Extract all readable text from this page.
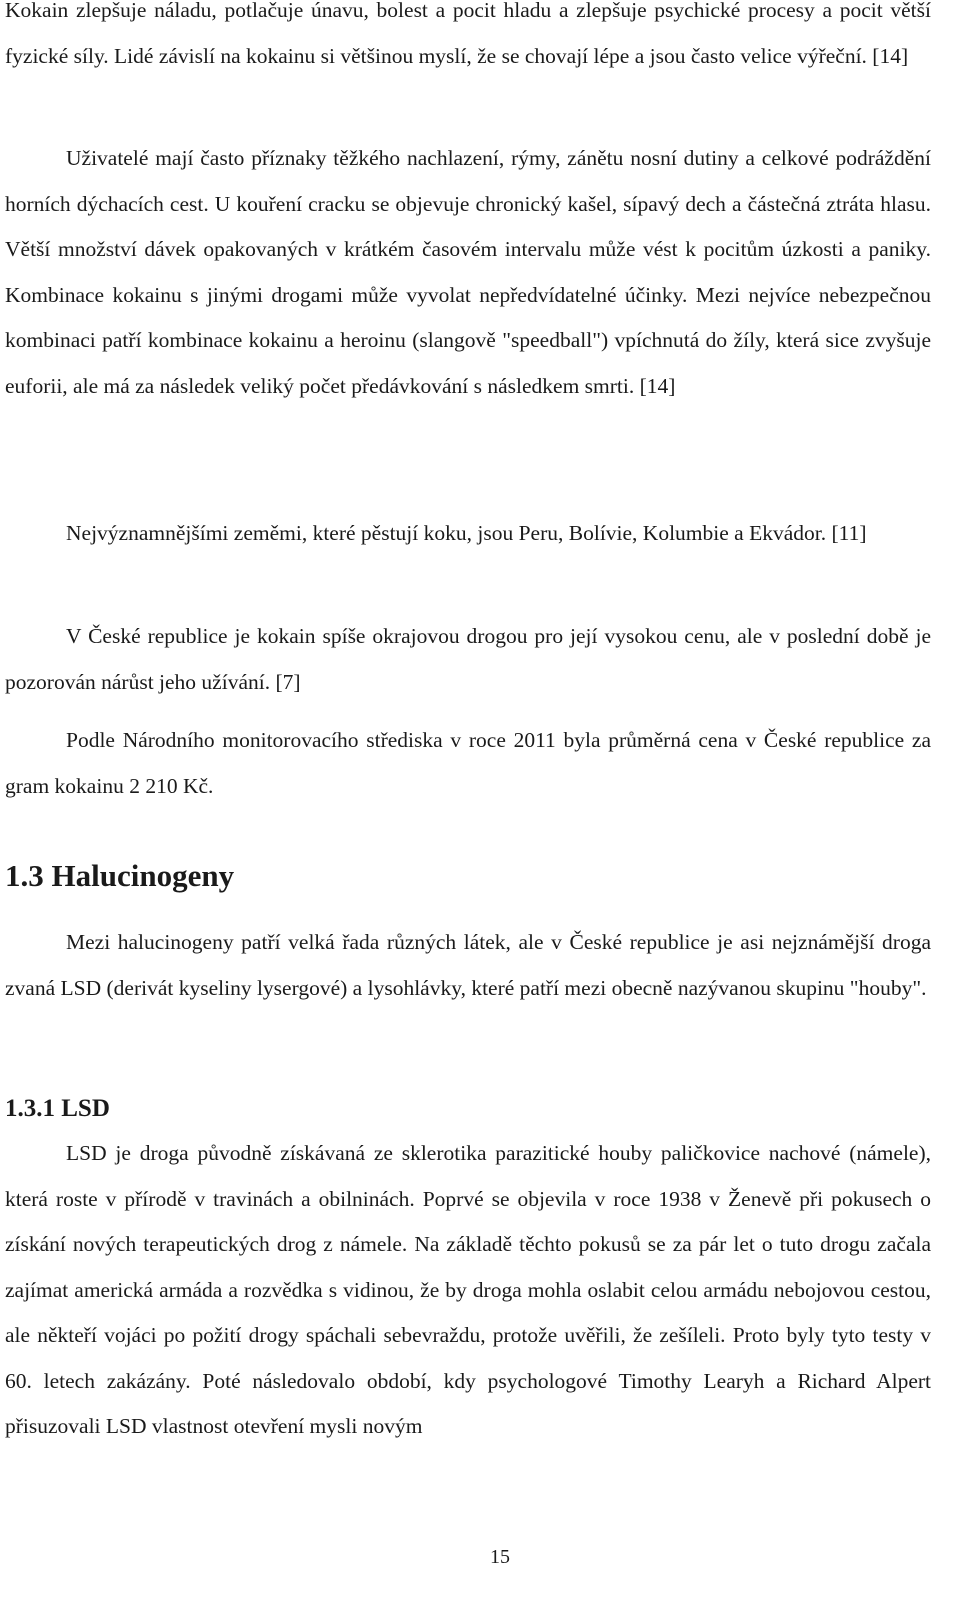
Kokain zlepšuje náladu, potlačuje únavu, bolest a pocit hladu a zlepšuje psychické procesy a pocit větší fyzické síly. Lidé závislí na kokainu si většinou myslí, že se chovají lépe a jsou často velice výřeční. [14]

Uživatelé mají často příznaky těžkého nachlazení, rýmy, zánětu nosní dutiny a celkové podráždění horních dýchacích cest. U kouření cracku se objevuje chronický kašel, sípavý dech a částečná ztráta hlasu. Větší množství dávek opakovaných v krátkém časovém intervalu může vést k pocitům úzkosti a paniky. Kombinace kokainu s jinými drogami může vyvolat nepředvídatelné účinky. Mezi nejvíce nebezpečnou kombinaci patří kombinace kokainu a heroinu (slangově "speedball") vpíchnutá do žíly, která sice zvyšuje euforii, ale má za následek veliký počet předávkování s následkem smrti. [14]

Nejvýznamnějšími zeměmi, které pěstují koku, jsou Peru, Bolívie, Kolumbie a Ekvádor. [11]

V České republice je kokain spíše okrajovou drogou pro její vysokou cenu, ale v poslední době je pozorován nárůst jeho užívání. [7]

Podle Národního monitorovacího střediska v roce 2011 byla průměrná cena v České republice za gram kokainu 2 210 Kč.

1.3 Halucinogeny

Mezi halucinogeny patří velká řada různých látek, ale v České republice je asi nejznámější droga zvaná LSD (derivát kyseliny lysergové) a lysohlávky, které patří mezi obecně nazývanou skupinu "houby".

1.3.1 LSD

LSD je droga původně získávaná ze sklerotika parazitické houby paličkovice nachové (námele), která roste v přírodě v travinách a obilninách. Poprvé se objevila v roce 1938 v Ženevě při pokusech o získání nových terapeutických drog z námele. Na základě těchto pokusů se za pár let o tuto drogu začala zajímat americká armáda a rozvědka s vidinou, že by droga mohla oslabit celou armádu nebojovou cestou, ale někteří vojáci po požití drogy spáchali sebevraždu, protože uvěřili, že zešíleli. Proto byly tyto testy v 60. letech zakázány. Poté následovalo období, kdy psychologové Timothy Learyh a Richard Alpert přisuzovali LSD vlastnost otevření mysli novým

15
